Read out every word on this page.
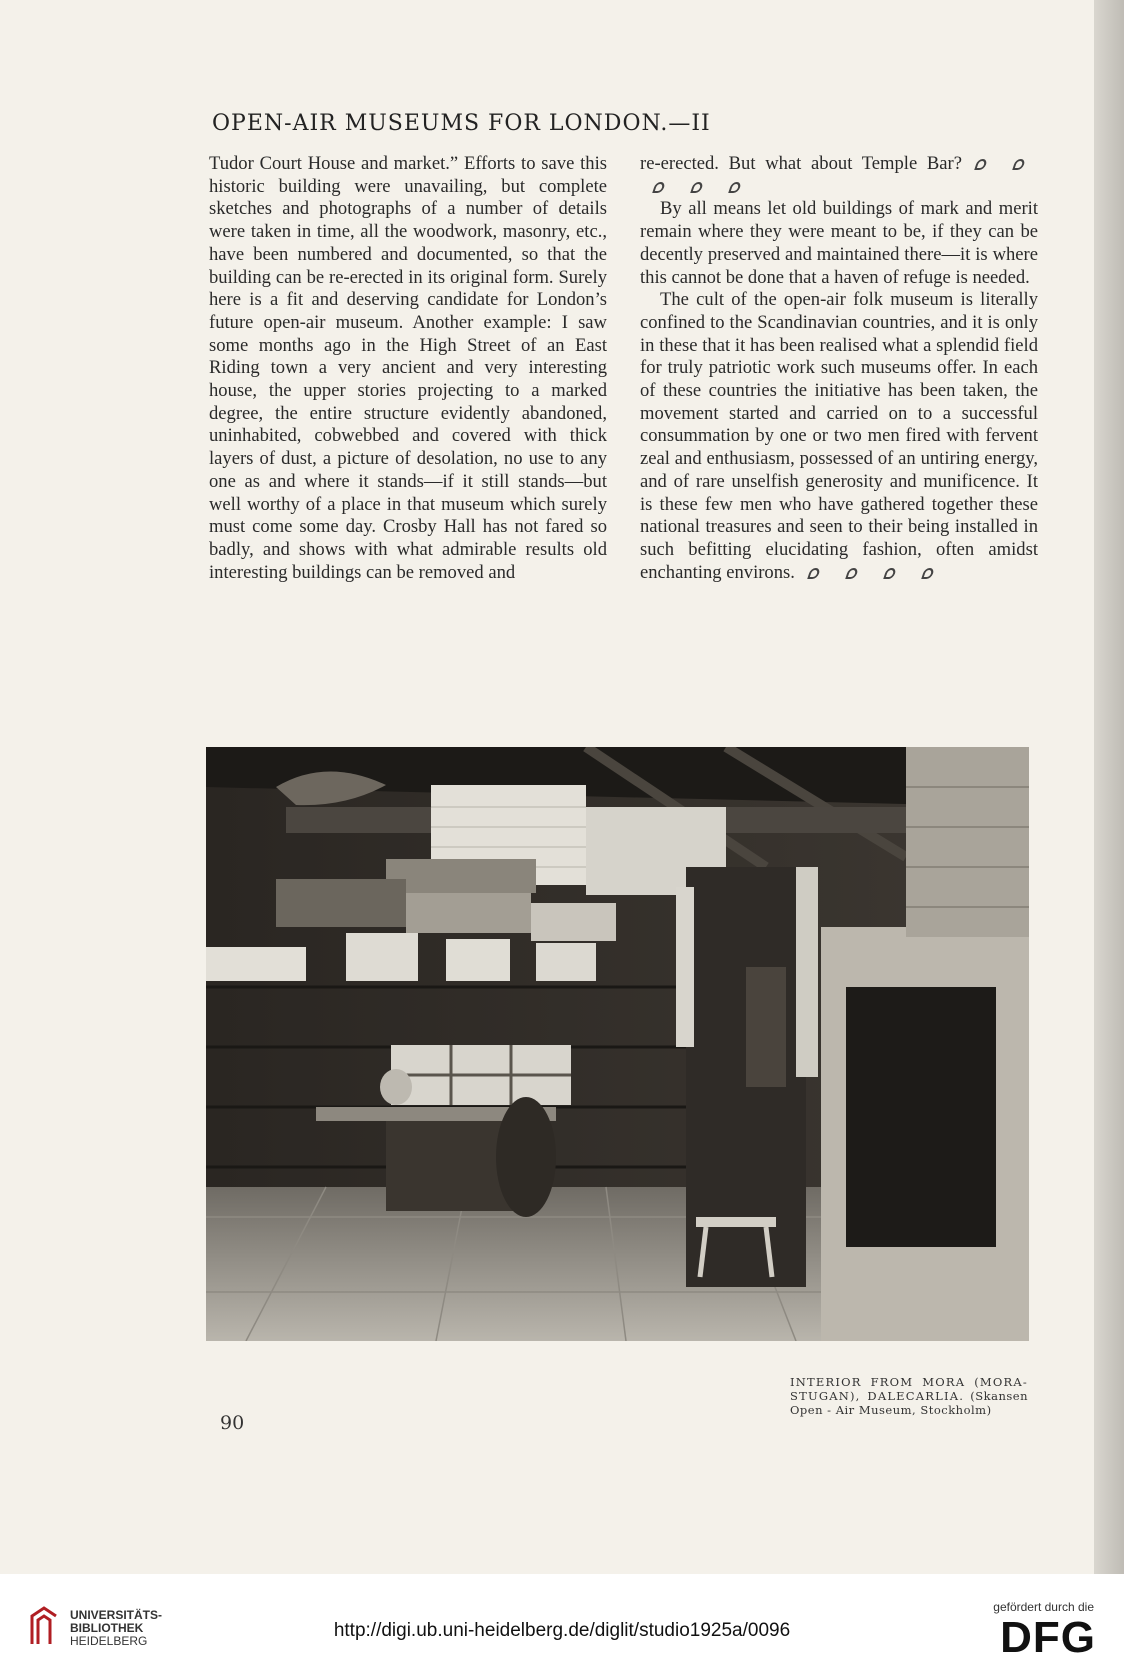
OPEN-AIR MUSEUMS FOR LONDON.—II

Tudor Court House and market.” Efforts to save this historic building were unavailing, but complete sketches and photographs of a number of details were taken in time, all the woodwork, masonry, etc., have been numbered and documented, so that the building can be re-erected in its original form. Surely here is a fit and deserving candidate for London’s future open-air museum. Another example: I saw some months ago in the High Street of an East Riding town a very ancient and very interesting house, the upper stories projecting to a marked degree, the entire structure evidently abandoned, uninhabited, cobwebbed and covered with thick layers of dust, a picture of desolation, no use to any one as and where it stands—if it still stands—but well worthy of a place in that museum which surely must come some day. Crosby Hall has not fared so badly, and shows with what admirable results old interesting buildings can be removed and

re-erected. But what about Temple Bar?

By all means let old buildings of mark and merit remain where they were meant to be, if they can be decently preserved and maintained there—it is where this cannot be done that a haven of refuge is needed.

The cult of the open-air folk museum is literally confined to the Scandinavian countries, and it is only in these that it has been realised what a splendid field for truly patriotic work such museums offer. In each of these countries the initiative has been taken, the movement started and carried on to a successful consummation by one or two men fired with fervent zeal and enthusiasm, possessed of an untiring energy, and of rare unselfish generosity and munificence. It is these few men who have gathered together these national treasures and seen to their being installed in such befitting elucidating fashion, often amidst enchanting environs.

INTERIOR FROM MORA (MORA-STUGAN), DALECARLIA. (Skansen Open - Air Museum, Stockholm)
90
UNIVERSITÄTS-
BIBLIOTHEK
HEIDELBERG	http://digi.ub.uni-heidelberg.de/diglit/studio1925a/0096
gefördert durch die
DFG
